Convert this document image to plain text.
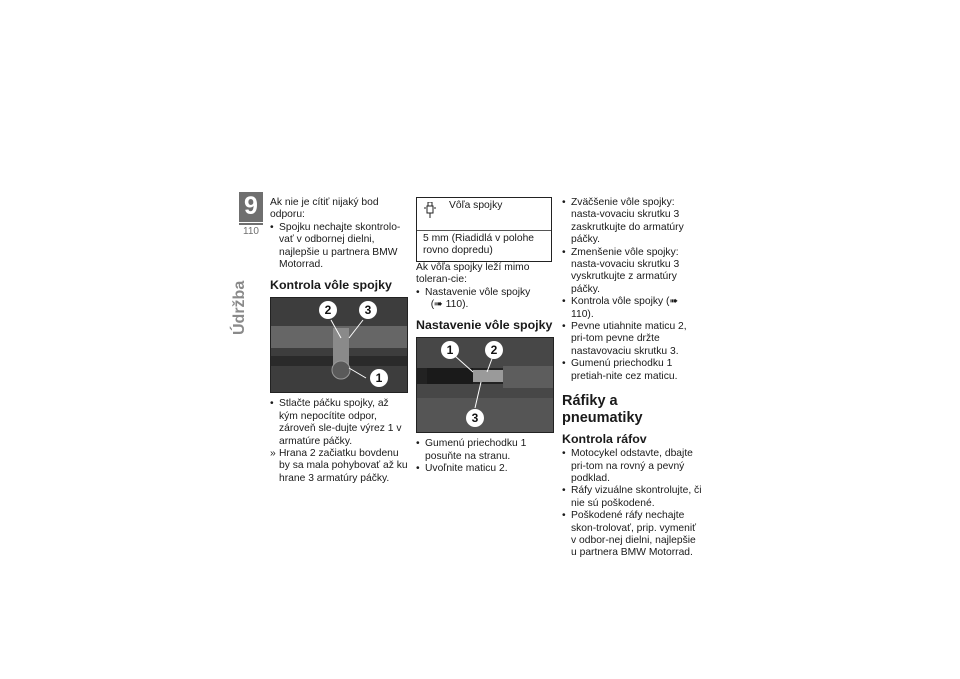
9
110
Údržba

Ak nie je cítiť nijaký bod odporu:

• Spojku nechajte skontrolo-vať v odbornej dielni, najlepšie u partnera BMW Motorrad.

Kontrola vôle spojky
2	3
1

• Stlačte páčku spojky, až kým nepocítite odpor, zároveň sle-dujte výrez 1 v armatúre páčky.

» Hrana 2 začiatku bovdenu by sa mala pohybovať až ku hrane 3 armatúry páčky.

Vôľa spojky
5 mm (Riadidlá v polohe rovno dopredu)

Ak vôľa spojky leží mimo toleran-cie:

• Nastavenie vôle spojky
(➠ 110).

Nastavenie vôle spojky
1	2
3

• Gumenú priechodku 1 posuňte na stranu.

• Uvoľnite maticu 2.

• Zväčšenie vôle spojky: nasta-vovaciu skrutku 3 zaskrutkujte do armatúry páčky.

• Zmenšenie vôle spojky: nasta-vovaciu skrutku 3 vyskrutkujte z armatúry páčky.

• Kontrola vôle spojky (➠ 110).

• Pevne utiahnite maticu 2, pri-tom pevne držte nastavovaciu skrutku 3.

• Gumenú priechodku 1 pretiah-nite cez maticu.

Ráfiky a pneumatiky
Kontrola ráfov

• Motocykel odstavte, dbajte pri-tom na rovný a pevný podklad.

• Ráfy vizuálne skontrolujte, či nie sú poškodené.

• Poškodené ráfy nechajte skon-trolovať, prip. vymeniť v odbor-nej dielni, najlepšie u partnera BMW Motorrad.
